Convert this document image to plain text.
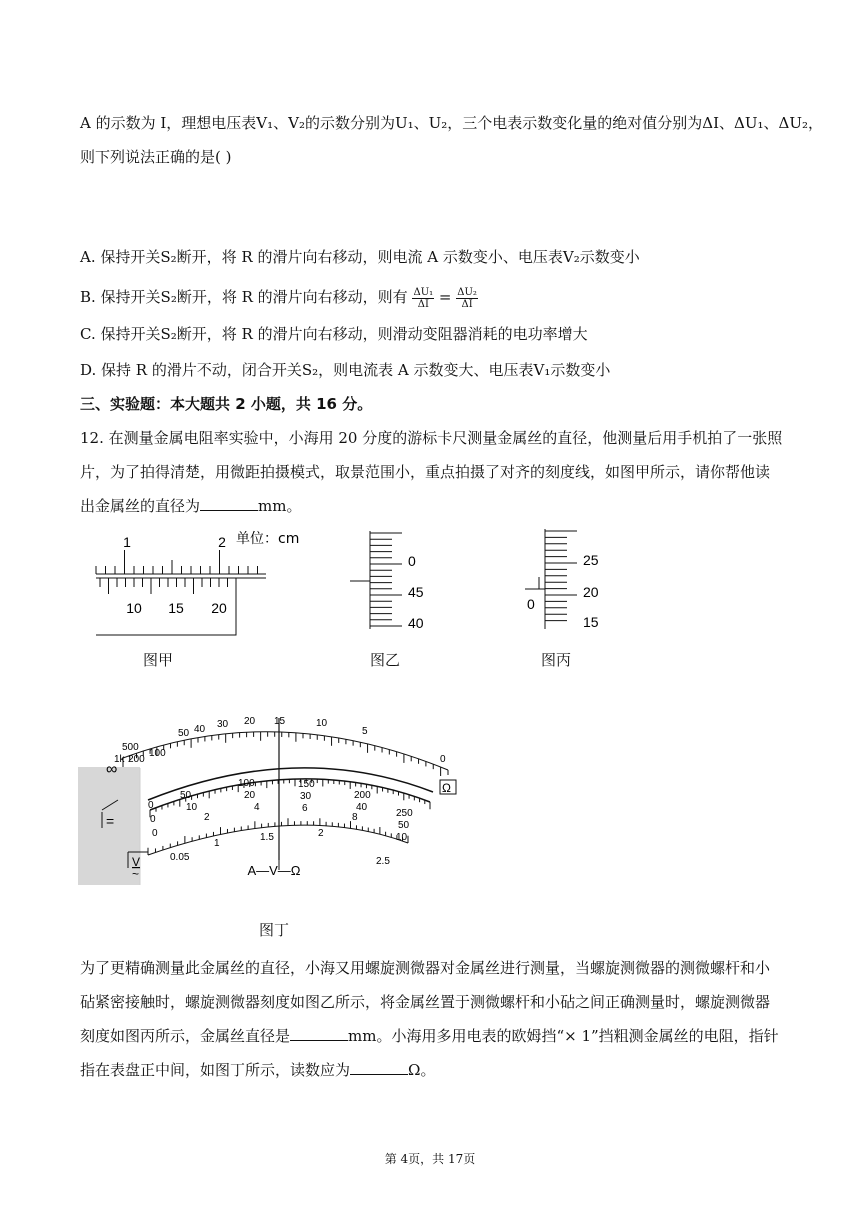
A 的示数为 I，理想电压表V₁、V₂的示数分别为U₁、U₂，三个电表示数变化量的绝对值分别为ΔI、ΔU₁、ΔU₂，
则下列说法正确的是( )
A. 保持开关S₂断开，将 R 的滑片向右移动，则电流 A 示数变小、电压表V₂示数变小
B. 保持开关S₂断开，将 R 的滑片向右移动，则有 $\frac{\text{ΔU₁}}{\Delta I} = \frac{\text{ΔU₂}}{\Delta I}$
C. 保持开关S₂断开，将 R 的滑片向右移动，则滑动变阻器消耗的电功率增大
D. 保持 R 的滑片不动，闭合开关S₂，则电流表 A 示数变大、电压表V₁示数变小
三、实验题：本大题共 2 小题，共 16 分。
12. 在测量金属电阻率实验中，小海用 20 分度的游标卡尺测量金属丝的直径，他测量后用手机拍了一张照
片，为了拍得清楚，用微距拍摄模式，取景范围小，重点拍摄了对齐的刻度线，如图甲所示，请你帮他读
出金属丝的直径为	mm。
1	2 单位：cm
10 15 20
图甲
0
45
40
图乙
0
25
20
15
图丙
500
200
100
50 40 30 20 15	10
5
0
∞
1k
Ω
50
100	150
200
250
10
20	30
40
50
2
4	6
8
10
0
0
0
0.05
1
1.5	2
2.5
=
V
~	A—V—Ω
图丁
为了更精确测量此金属丝的直径，小海又用螺旋测微器对金属丝进行测量，当螺旋测微器的测微螺杆和小
砧紧密接触时，螺旋测微器刻度如图乙所示，将金属丝置于测微螺杆和小砧之间正确测量时，螺旋测微器
刻度如图丙所示，金属丝直径是	mm。小海用多用电表的欧姆挡“× 1”挡粗测金属丝的电阻，指针
指在表盘正中间，如图丁所示，读数应为	Ω。
第 4页，共 17页
